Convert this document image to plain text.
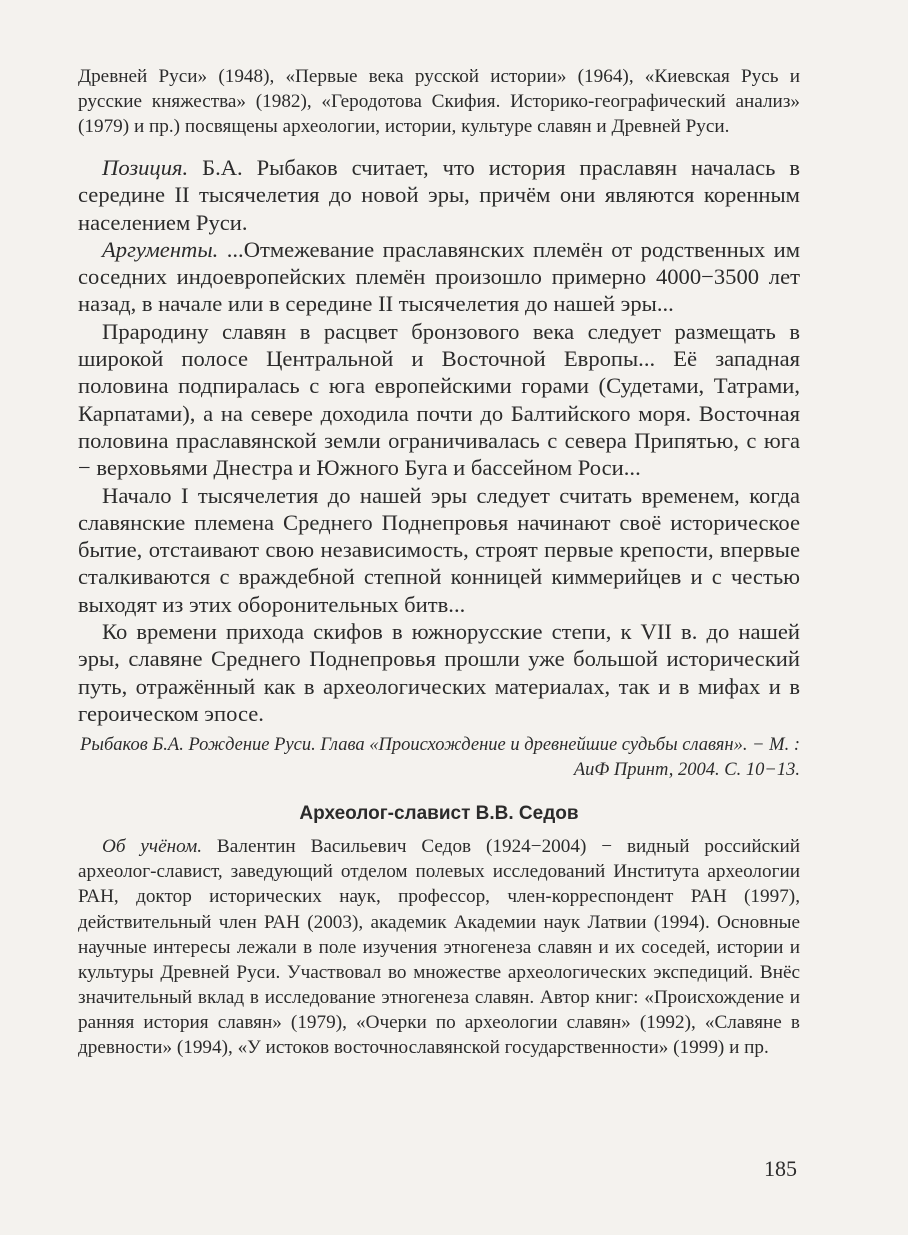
Древней Руси» (1948), «Первые века русской истории» (1964), «Киевская Русь и русские княжества» (1982), «Геродотова Скифия. Историко-географический анализ» (1979) и пр.) посвящены археологии, истории, культуре славян и Древней Руси.

Позиция. Б.А. Рыбаков считает, что история праславян началась в середине II тысячелетия до новой эры, причём они являются коренным населением Руси.

Аргументы. ...Отмежевание праславянских племён от родственных им соседних индоевропейских племён произошло примерно 4000−3500 лет назад, в начале или в середине II тысячелетия до нашей эры...

Прародину славян в расцвет бронзового века следует размещать в широкой полосе Центральной и Восточной Европы... Её западная половина подпиралась с юга европейскими горами (Судетами, Татрами, Карпатами), а на севере доходила почти до Балтийского моря. Восточная половина праславянской земли ограничивалась с севера Припятью, с юга − верховьями Днестра и Южного Буга и бассейном Роси...

Начало I тысячелетия до нашей эры следует считать временем, когда славянские племена Среднего Поднепровья начинают своё историческое бытие, отстаивают свою независимость, строят первые крепости, впервые сталкиваются с враждебной степной конницей киммерийцев и с честью выходят из этих оборонительных битв...

Ко времени прихода скифов в южнорусские степи, к VII в. до нашей эры, славяне Среднего Поднепровья прошли уже большой исторический путь, отражённый как в археологических материалах, так и в мифах и в героическом эпосе.

Рыбаков Б.А. Рождение Руси. Глава «Происхождение и древнейшие судьбы славян». − М. : АиФ Принт, 2004. С. 10−13.

Археолог-славист В.В. Седов

Об учёном. Валентин Васильевич Седов (1924−2004) − видный российский археолог-славист, заведующий отделом полевых исследований Института археологии РАН, доктор исторических наук, профессор, член-корреспондент РАН (1997), действительный член РАН (2003), академик Академии наук Латвии (1994). Основные научные интересы лежали в поле изучения этногенеза славян и их соседей, истории и культуры Древней Руси. Участвовал во множестве археологических экспедиций. Внёс значительный вклад в исследование этногенеза славян. Автор книг: «Происхождение и ранняя история славян» (1979), «Очерки по археологии славян» (1992), «Славяне в древности» (1994), «У истоков восточнославянской государственности» (1999) и пр.

185
